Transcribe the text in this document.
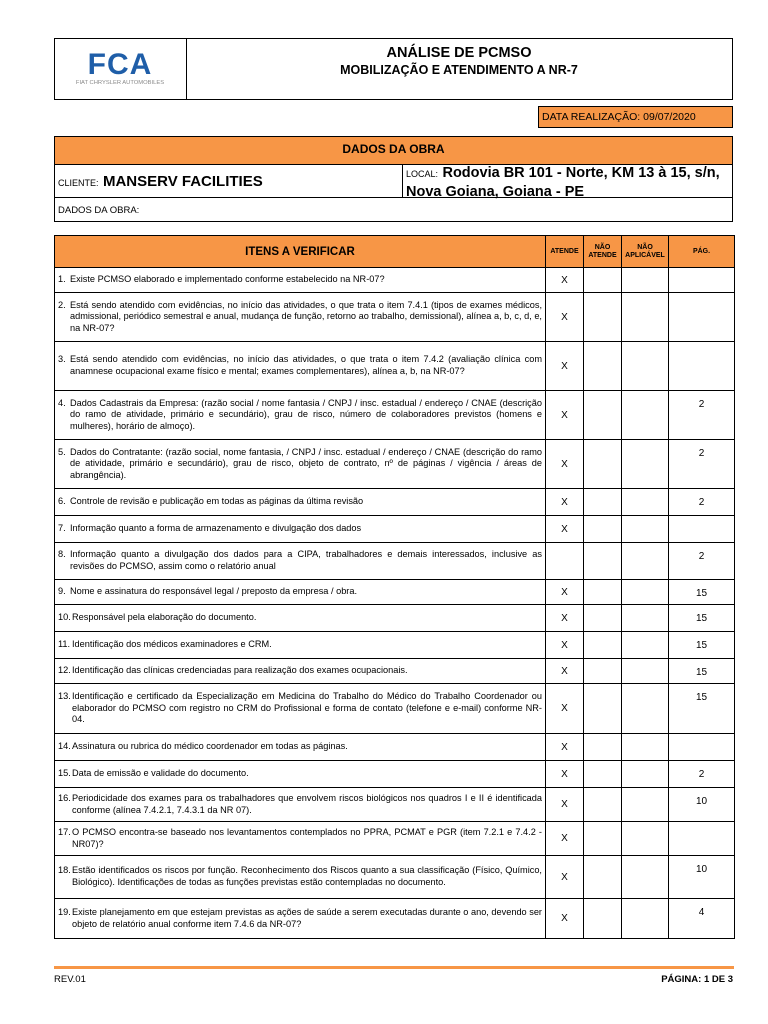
FCA
FIAT CHRYSLER AUTOMOBILES
ANÁLISE DE PCMSO
MOBILIZAÇÃO E ATENDIMENTO A NR-7
DATA REALIZAÇÃO: 09/07/2020
DADOS DA OBRA
CLIENTE: MANSERV FACILITIES	LOCAL: Rodovia BR 101 - Norte, KM 13 à 15, s/n, Nova Goiana, Goiana - PE
DADOS DA OBRA:
ITENS A VERIFICAR	ATENDE	NÃO ATENDE	NÃO APLICÁVEL	PÁG.

1. Existe PCMSO elaborado e implementado conforme estabelecido na NR-07?	X			

2. Está sendo atendido com evidências, no início das atividades, o que trata o item 7.4.1 (tipos de exames médicos, admissional, periódico semestral e anual, mudança de função, retorno ao trabalho, demissional), alínea a, b, c, d, e, na NR-07?	X			

3. Está sendo atendido com evidências, no início das atividades, o que trata o item 7.4.2 (avaliação clínica com anamnese ocupacional exame físico e mental; exames complementares), alínea a, b, na NR-07?	X			

4. Dados Cadastrais da Empresa: (razão social / nome fantasia / CNPJ / insc. estadual / endereço / CNAE (descrição do ramo de atividade, primário e secundário), grau de risco, número de colaboradores previstos (homens e mulheres), horário de almoço).	X			2

5. Dados do Contratante: (razão social, nome fantasia, / CNPJ / insc. estadual / endereço / CNAE (descrição do ramo de atividade, primário e secundário), grau de risco, objeto de contrato, nº de páginas / vigência / áreas de abrangência).	X			2

6. Controle de revisão e publicação em todas as páginas da última revisão	X			2

7. Informação quanto a forma de armazenamento e divulgação dos dados	X			

8. Informação quanto a divulgação dos dados para a CIPA, trabalhadores e demais interessados, inclusive as revisões do PCMSO, assim como o relatório anual				2

9. Nome e assinatura do responsável legal / preposto da empresa / obra.	X			15

10. Responsável pela elaboração do documento.	X			15

11. Identificação dos médicos examinadores e CRM.	X			15

12. Identificação das clínicas credenciadas para realização dos exames ocupacionais.	X			15

13. Identificação e certificado da Especialização em Medicina do Trabalho do Médico do Trabalho Coordenador ou elaborador do PCMSO com registro no CRM do Profissional e forma de contato (telefone e e-mail) conforme NR-04.	X			15

14. Assinatura ou rubrica do médico coordenador em todas as páginas.	X			

15. Data de emissão e validade do documento.	X			2

16. Periodicidade dos exames para os trabalhadores que envolvem riscos biológicos nos quadros I e II é identificada conforme (alínea 7.4.2.1, 7.4.3.1 da NR 07).	X			10

17. O PCMSO encontra-se baseado nos levantamentos contemplados no PPRA, PCMAT e PGR (item 7.2.1 e 7.4.2 - NR07)?	X			

18. Estão identificados os riscos por função. Reconhecimento dos Riscos quanto a sua classificação (Físico, Químico, Biológico). Identificações de todas as funções previstas estão contempladas no documento.	X			10

19. Existe planejamento em que estejam previstas as ações de saúde a serem executadas durante o ano, devendo ser objeto de relatório anual conforme item 7.4.6 da NR-07?	X			4
REV.01	PÁGINA: 1 DE 3
